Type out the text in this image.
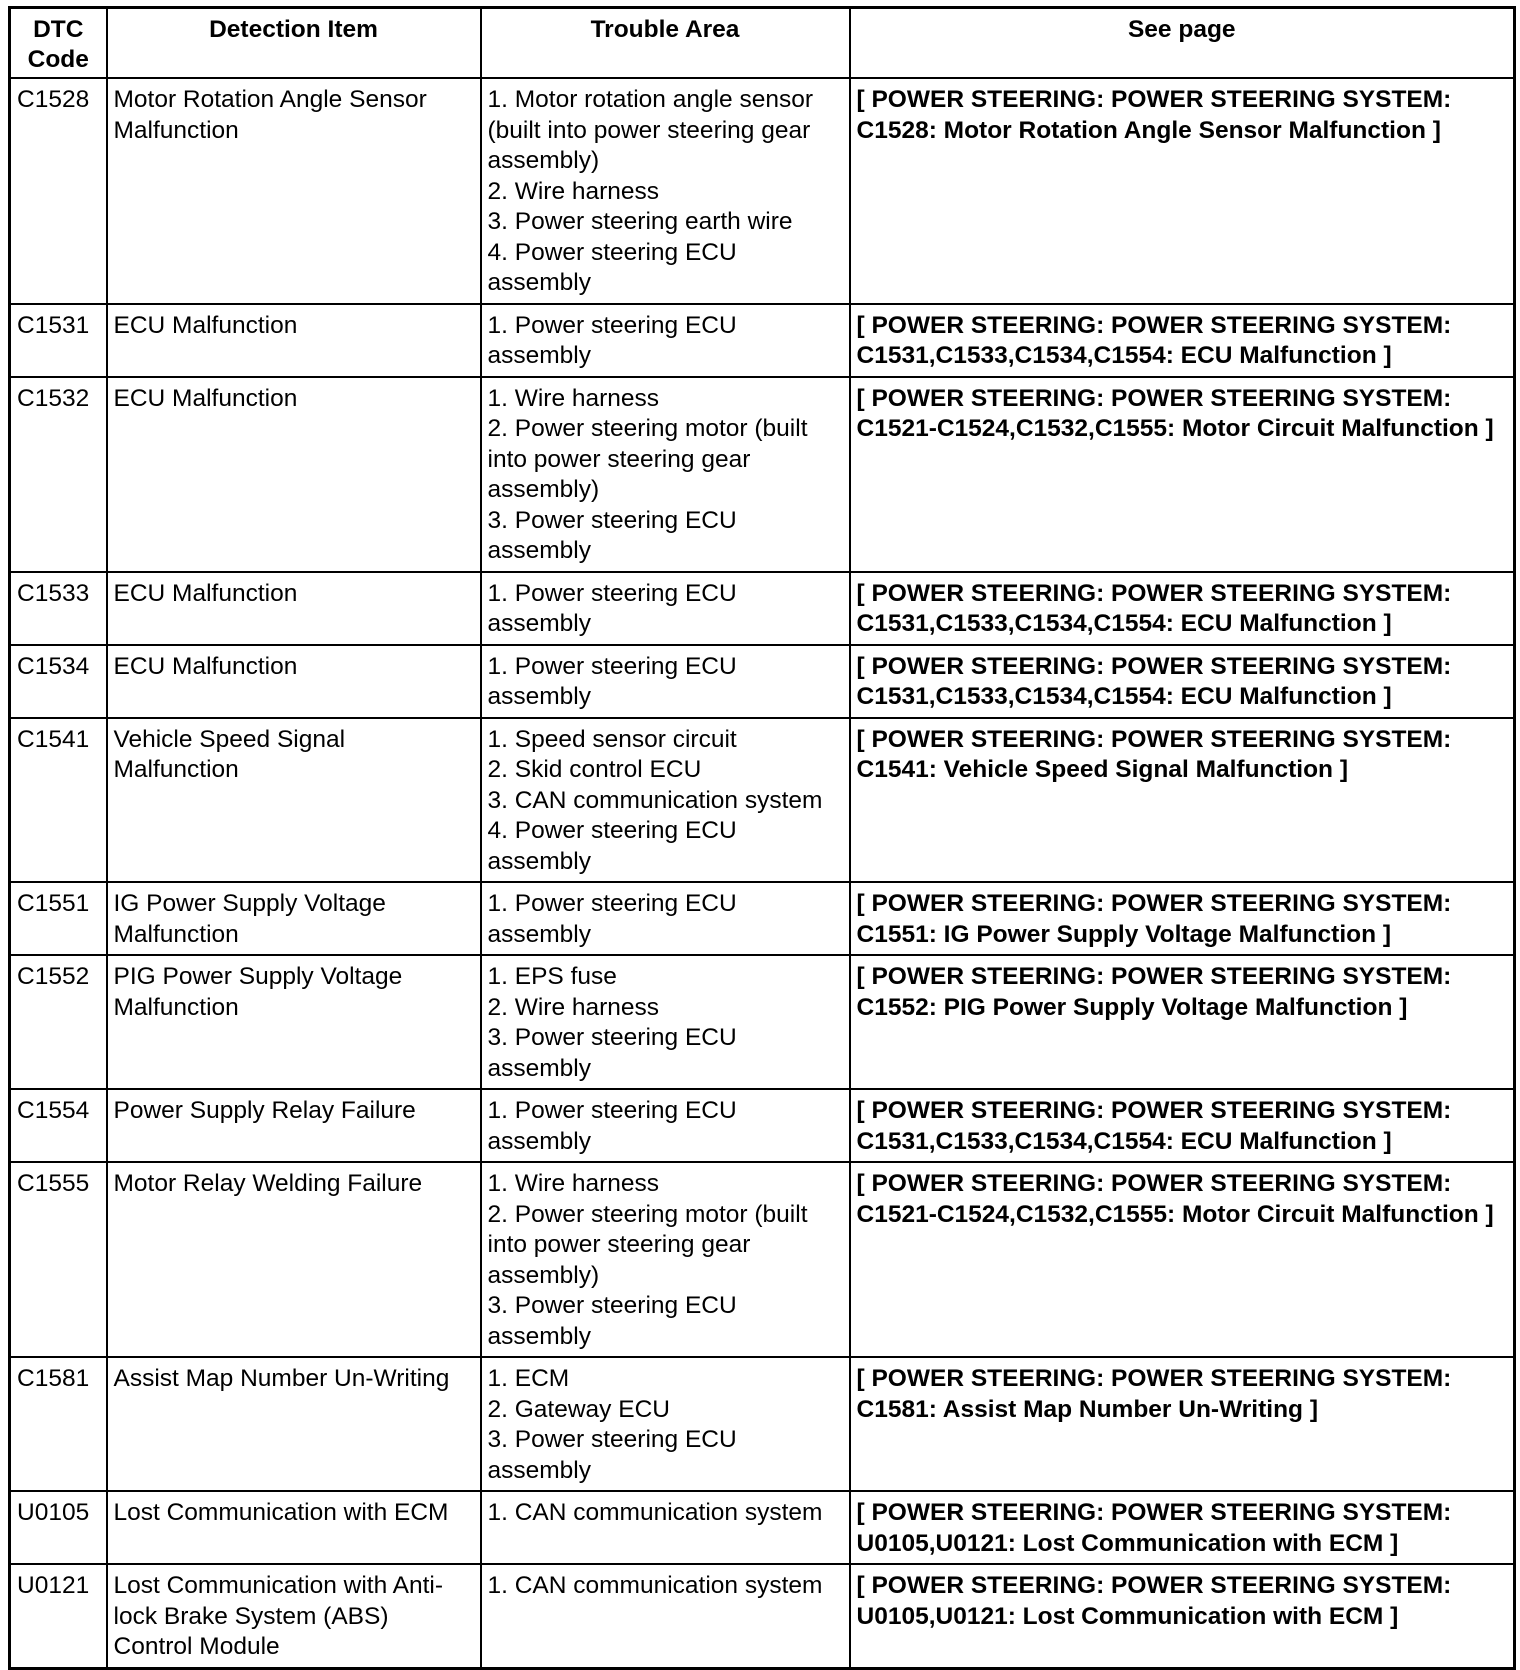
DTC Code	Detection Item	Trouble Area	See page
C1528	Motor Rotation Angle Sensor Malfunction	1. Motor rotation angle sensor (built into power steering gear assembly)
2. Wire harness
3. Power steering earth wire
4. Power steering ECU assembly	[ POWER STEERING: POWER STEERING SYSTEM: C1528: Motor Rotation Angle Sensor Malfunction ]
C1531	ECU Malfunction	1. Power steering ECU assembly	[ POWER STEERING: POWER STEERING SYSTEM: C1531,C1533,C1534,C1554: ECU Malfunction ]
C1532	ECU Malfunction	1. Wire harness
2. Power steering motor (built into power steering gear assembly)
3. Power steering ECU assembly	[ POWER STEERING: POWER STEERING SYSTEM: C1521-C1524,C1532,C1555: Motor Circuit Malfunction ]
C1533	ECU Malfunction	1. Power steering ECU assembly	[ POWER STEERING: POWER STEERING SYSTEM: C1531,C1533,C1534,C1554: ECU Malfunction ]
C1534	ECU Malfunction	1. Power steering ECU assembly	[ POWER STEERING: POWER STEERING SYSTEM: C1531,C1533,C1534,C1554: ECU Malfunction ]
C1541	Vehicle Speed Signal Malfunction	1. Speed sensor circuit
2. Skid control ECU
3. CAN communication system
4. Power steering ECU assembly	[ POWER STEERING: POWER STEERING SYSTEM: C1541: Vehicle Speed Signal Malfunction ]
C1551	IG Power Supply Voltage Malfunction	1. Power steering ECU assembly	[ POWER STEERING: POWER STEERING SYSTEM: C1551: IG Power Supply Voltage Malfunction ]
C1552	PIG Power Supply Voltage Malfunction	1. EPS fuse
2. Wire harness
3. Power steering ECU assembly	[ POWER STEERING: POWER STEERING SYSTEM: C1552: PIG Power Supply Voltage Malfunction ]
C1554	Power Supply Relay Failure	1. Power steering ECU assembly	[ POWER STEERING: POWER STEERING SYSTEM: C1531,C1533,C1534,C1554: ECU Malfunction ]
C1555	Motor Relay Welding Failure	1. Wire harness
2. Power steering motor (built into power steering gear assembly)
3. Power steering ECU assembly	[ POWER STEERING: POWER STEERING SYSTEM: C1521-C1524,C1532,C1555: Motor Circuit Malfunction ]
C1581	Assist Map Number Un-Writing	1. ECM
2. Gateway ECU
3. Power steering ECU assembly	[ POWER STEERING: POWER STEERING SYSTEM: C1581: Assist Map Number Un-Writing ]
U0105	Lost Communication with ECM	1. CAN communication system	[ POWER STEERING: POWER STEERING SYSTEM: U0105,U0121: Lost Communication with ECM ]
U0121	Lost Communication with Anti-lock Brake System (ABS) Control Module	1. CAN communication system	[ POWER STEERING: POWER STEERING SYSTEM: U0105,U0121: Lost Communication with ECM ]
